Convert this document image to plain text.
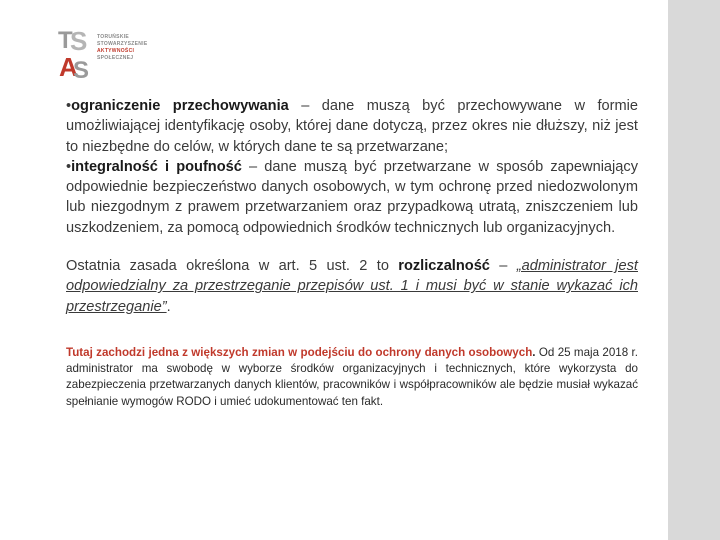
T
S
A
S
TORUŃSKIE
STOWARZYSZENIE
AKTYWNOŚCI
SPOŁECZNEJ
•ograniczenie przechowywania – dane muszą być przechowywane w formie umożliwiającej identyfikację osoby, której dane dotyczą, przez okres nie dłuższy, niż jest to niezbędne do celów, w których dane te są przetwarzane;
•integralność i poufność – dane muszą być przetwarzane w sposób zapewniający odpowiednie bezpieczeństwo danych osobowych, w tym ochronę przed niedozwolonym lub niezgodnym z prawem przetwarzaniem oraz przypadkową utratą, zniszczeniem lub uszkodzeniem, za pomocą odpowiednich środków technicznych lub organizacyjnych.
Ostatnia zasada określona w art. 5 ust. 2 to rozliczalność – „administrator jest odpowiedzialny za przestrzeganie przepisów ust. 1 i musi być w stanie wykazać ich przestrzeganie”.
Tutaj zachodzi jedna z większych zmian w podejściu do ochrony danych osobowych. Od 25 maja 2018 r. administrator ma swobodę w wyborze środków organizacyjnych i technicznych, które wykorzysta do zabezpieczenia przetwarzanych danych klientów, pracowników i współpracowników ale będzie musiał wykazać spełnianie wymogów RODO i umieć udokumentować ten fakt.
